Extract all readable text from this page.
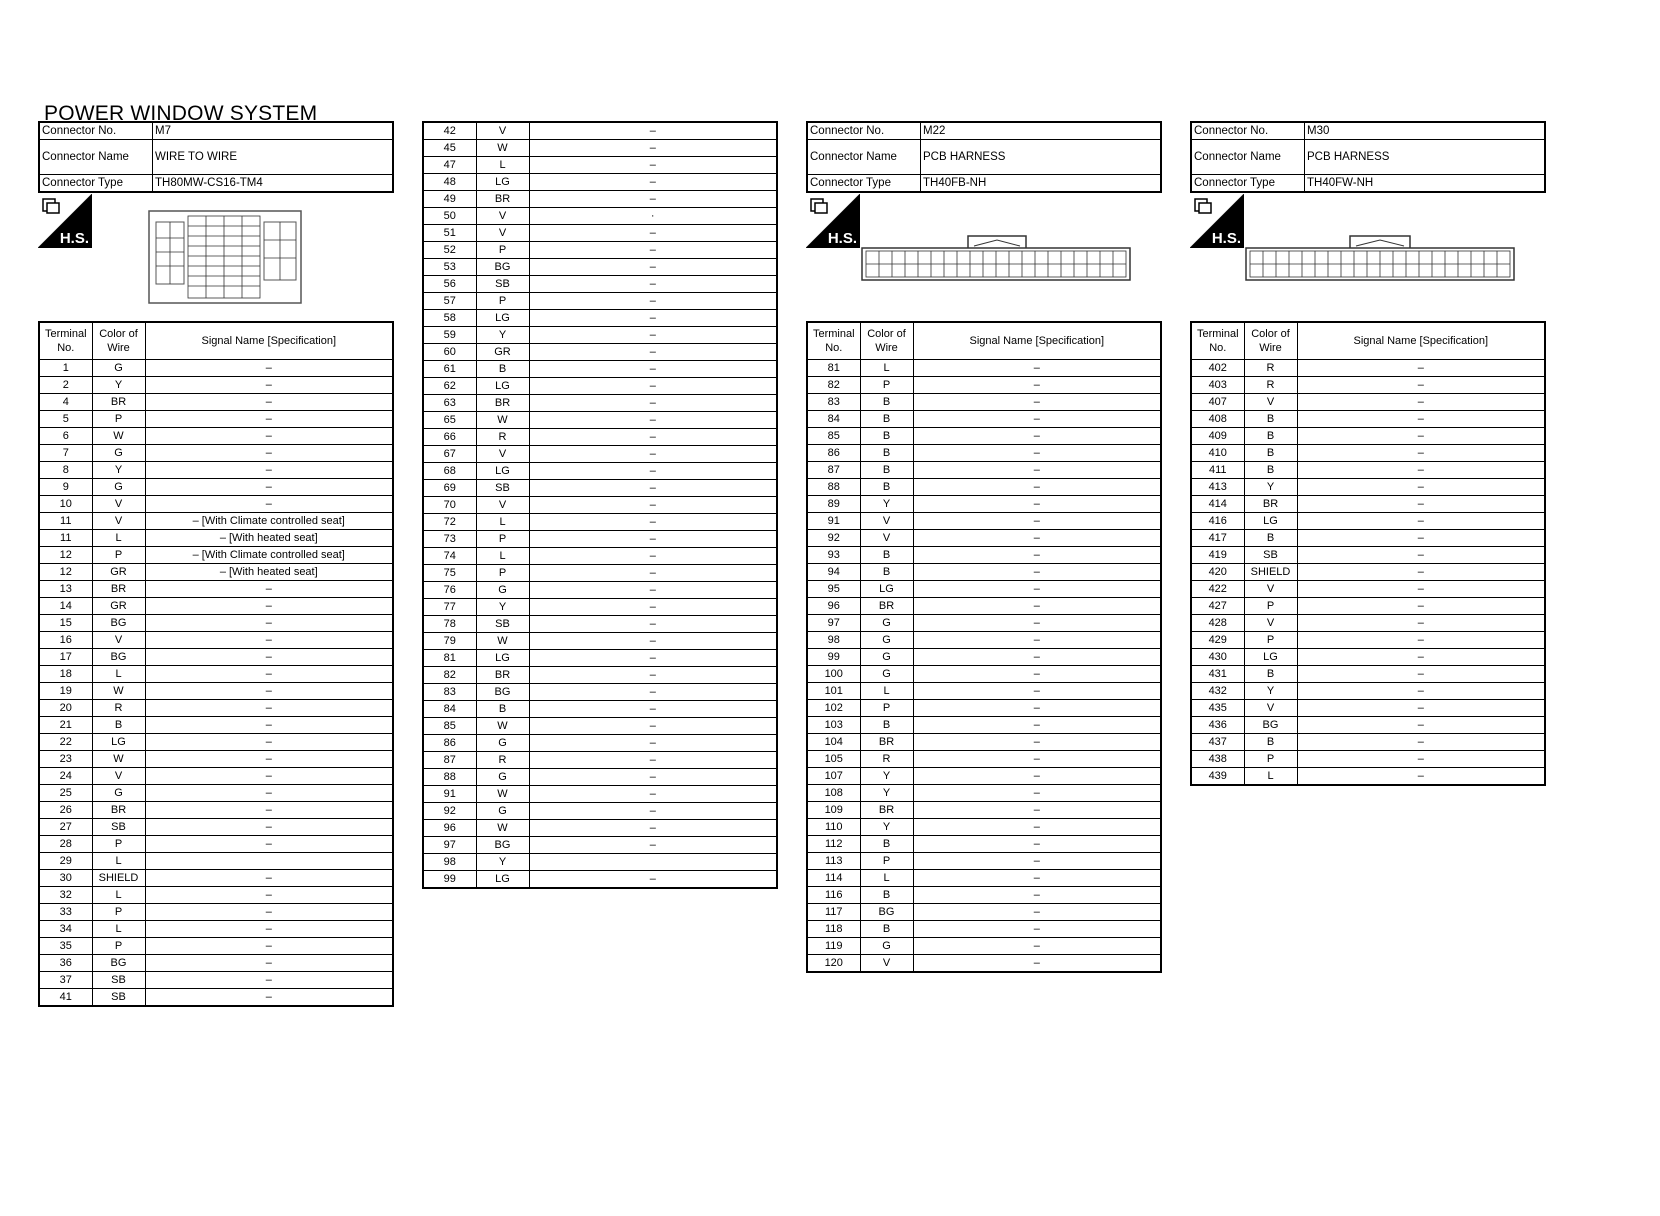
POWER WINDOW SYSTEM
Connector No.	M7
Connector Name	WIRE TO WIRE
Connector Type	TH80MW-CS16-TM4
H.S.
Terminal No.	Color of Wire	Signal Name [Specification]
1	G	–
2	Y	–
4	BR	–
5	P	–
6	W	–
7	G	–
8	Y	–
9	G	–
10	V	–
11	V	– [With Climate controlled seat]
11	L	– [With heated seat]
12	P	– [With Climate controlled seat]
12	GR	– [With heated seat]
13	BR	–
14	GR	–
15	BG	–
16	V	–
17	BG	–
18	L	–
19	W	–
20	R	–
21	B	–
22	LG	–
23	W	–
24	V	–
25	G	–
26	BR	–
27	SB	–
28	P	–
29	L	
30	SHIELD	–
32	L	–
33	P	–
34	L	–
35	P	–
36	BG	–
37	SB	–
41	SB	–
42	V	–
45	W	–
47	L	–
48	LG	–
49	BR	–
50	V	·
51	V	–
52	P	–
53	BG	–
56	SB	–
57	P	–
58	LG	–
59	Y	–
60	GR	–
61	B	–
62	LG	–
63	BR	–
65	W	–
66	R	–
67	V	–
68	LG	–
69	SB	–
70	V	–
72	L	–
73	P	–
74	L	–
75	P	–
76	G	–
77	Y	–
78	SB	–
79	W	–
81	LG	–
82	BR	–
83	BG	–
84	B	–
85	W	–
86	G	–
87	R	–
88	G	–
91	W	–
92	G	–
96	W	–
97	BG	–
98	Y	
99	LG	–
Connector No.	M22
Connector Name	PCB HARNESS
Connector Type	TH40FB-NH
H.S.
Terminal No.	Color of Wire	Signal Name [Specification]
81	L	–
82	P	–
83	B	–
84	B	–
85	B	–
86	B	–
87	B	–
88	B	–
89	Y	–
91	V	–
92	V	–
93	B	–
94	B	–
95	LG	–
96	BR	–
97	G	–
98	G	–
99	G	–
100	G	–
101	L	–
102	P	–
103	B	–
104	BR	–
105	R	–
107	Y	–
108	Y	–
109	BR	–
110	Y	–
112	B	–
113	P	–
114	L	–
116	B	–
117	BG	–
118	B	–
119	G	–
120	V	–
Connector No.	M30
Connector Name	PCB HARNESS
Connector Type	TH40FW-NH
H.S.
Terminal No.	Color of Wire	Signal Name [Specification]
402	R	–
403	R	–
407	V	–
408	B	–
409	B	–
410	B	–
411	B	–
413	Y	–
414	BR	–
416	LG	–
417	B	–
419	SB	–
420	SHIELD	–
422	V	–
427	P	–
428	V	–
429	P	–
430	LG	–
431	B	–
432	Y	–
435	V	–
436	BG	–
437	B	–
438	P	–
439	L	–
